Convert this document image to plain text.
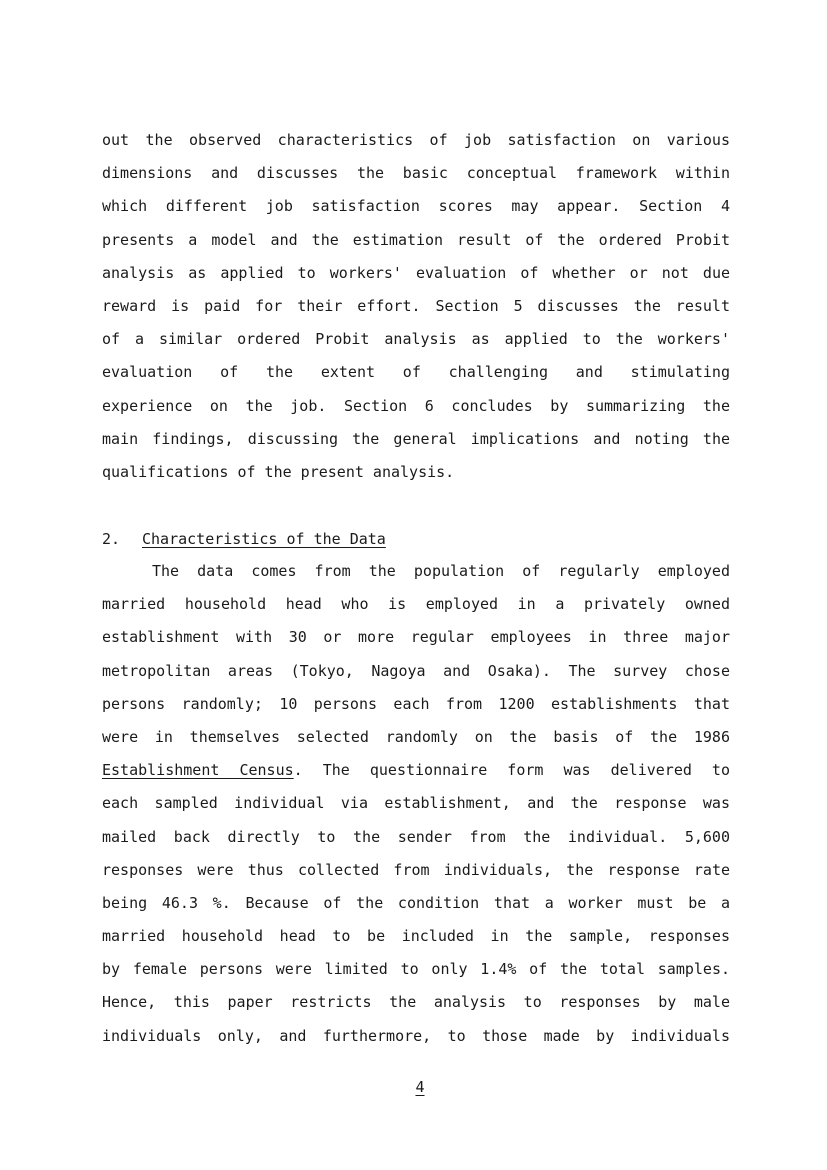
out the observed characteristics of job satisfaction on various
dimensions and discusses the basic conceptual framework within
which different job satisfaction scores may appear. Section 4
presents a model and the estimation result of the ordered Probit
analysis as applied to workers' evaluation of whether or not due
reward is paid for their effort. Section 5 discusses the result
of a similar ordered Probit analysis as applied to the workers'
evaluation of the extent of challenging and stimulating
experience on the job. Section 6 concludes by summarizing the
main findings, discussing the general implications and noting the
qualifications of the present analysis.
2. Characteristics of the Data
The data comes from the population of regularly employed
married household head who is employed in a privately owned
establishment with 30 or more regular employees in three major
metropolitan areas (Tokyo, Nagoya and Osaka). The survey chose
persons randomly; 10 persons each from 1200 establishments that
were in themselves selected randomly on the basis of the 1986
Establishment Census. The questionnaire form was delivered to
each sampled individual via establishment, and the response was
mailed back directly to the sender from the individual. 5,600
responses were thus collected from individuals, the response rate
being 46.3 %. Because of the condition that a worker must be a
married household head to be included in the sample, responses
by female persons were limited to only 1.4% of the total samples.
Hence, this paper restricts the analysis to responses by male
individuals only, and furthermore, to those made by individuals
4
